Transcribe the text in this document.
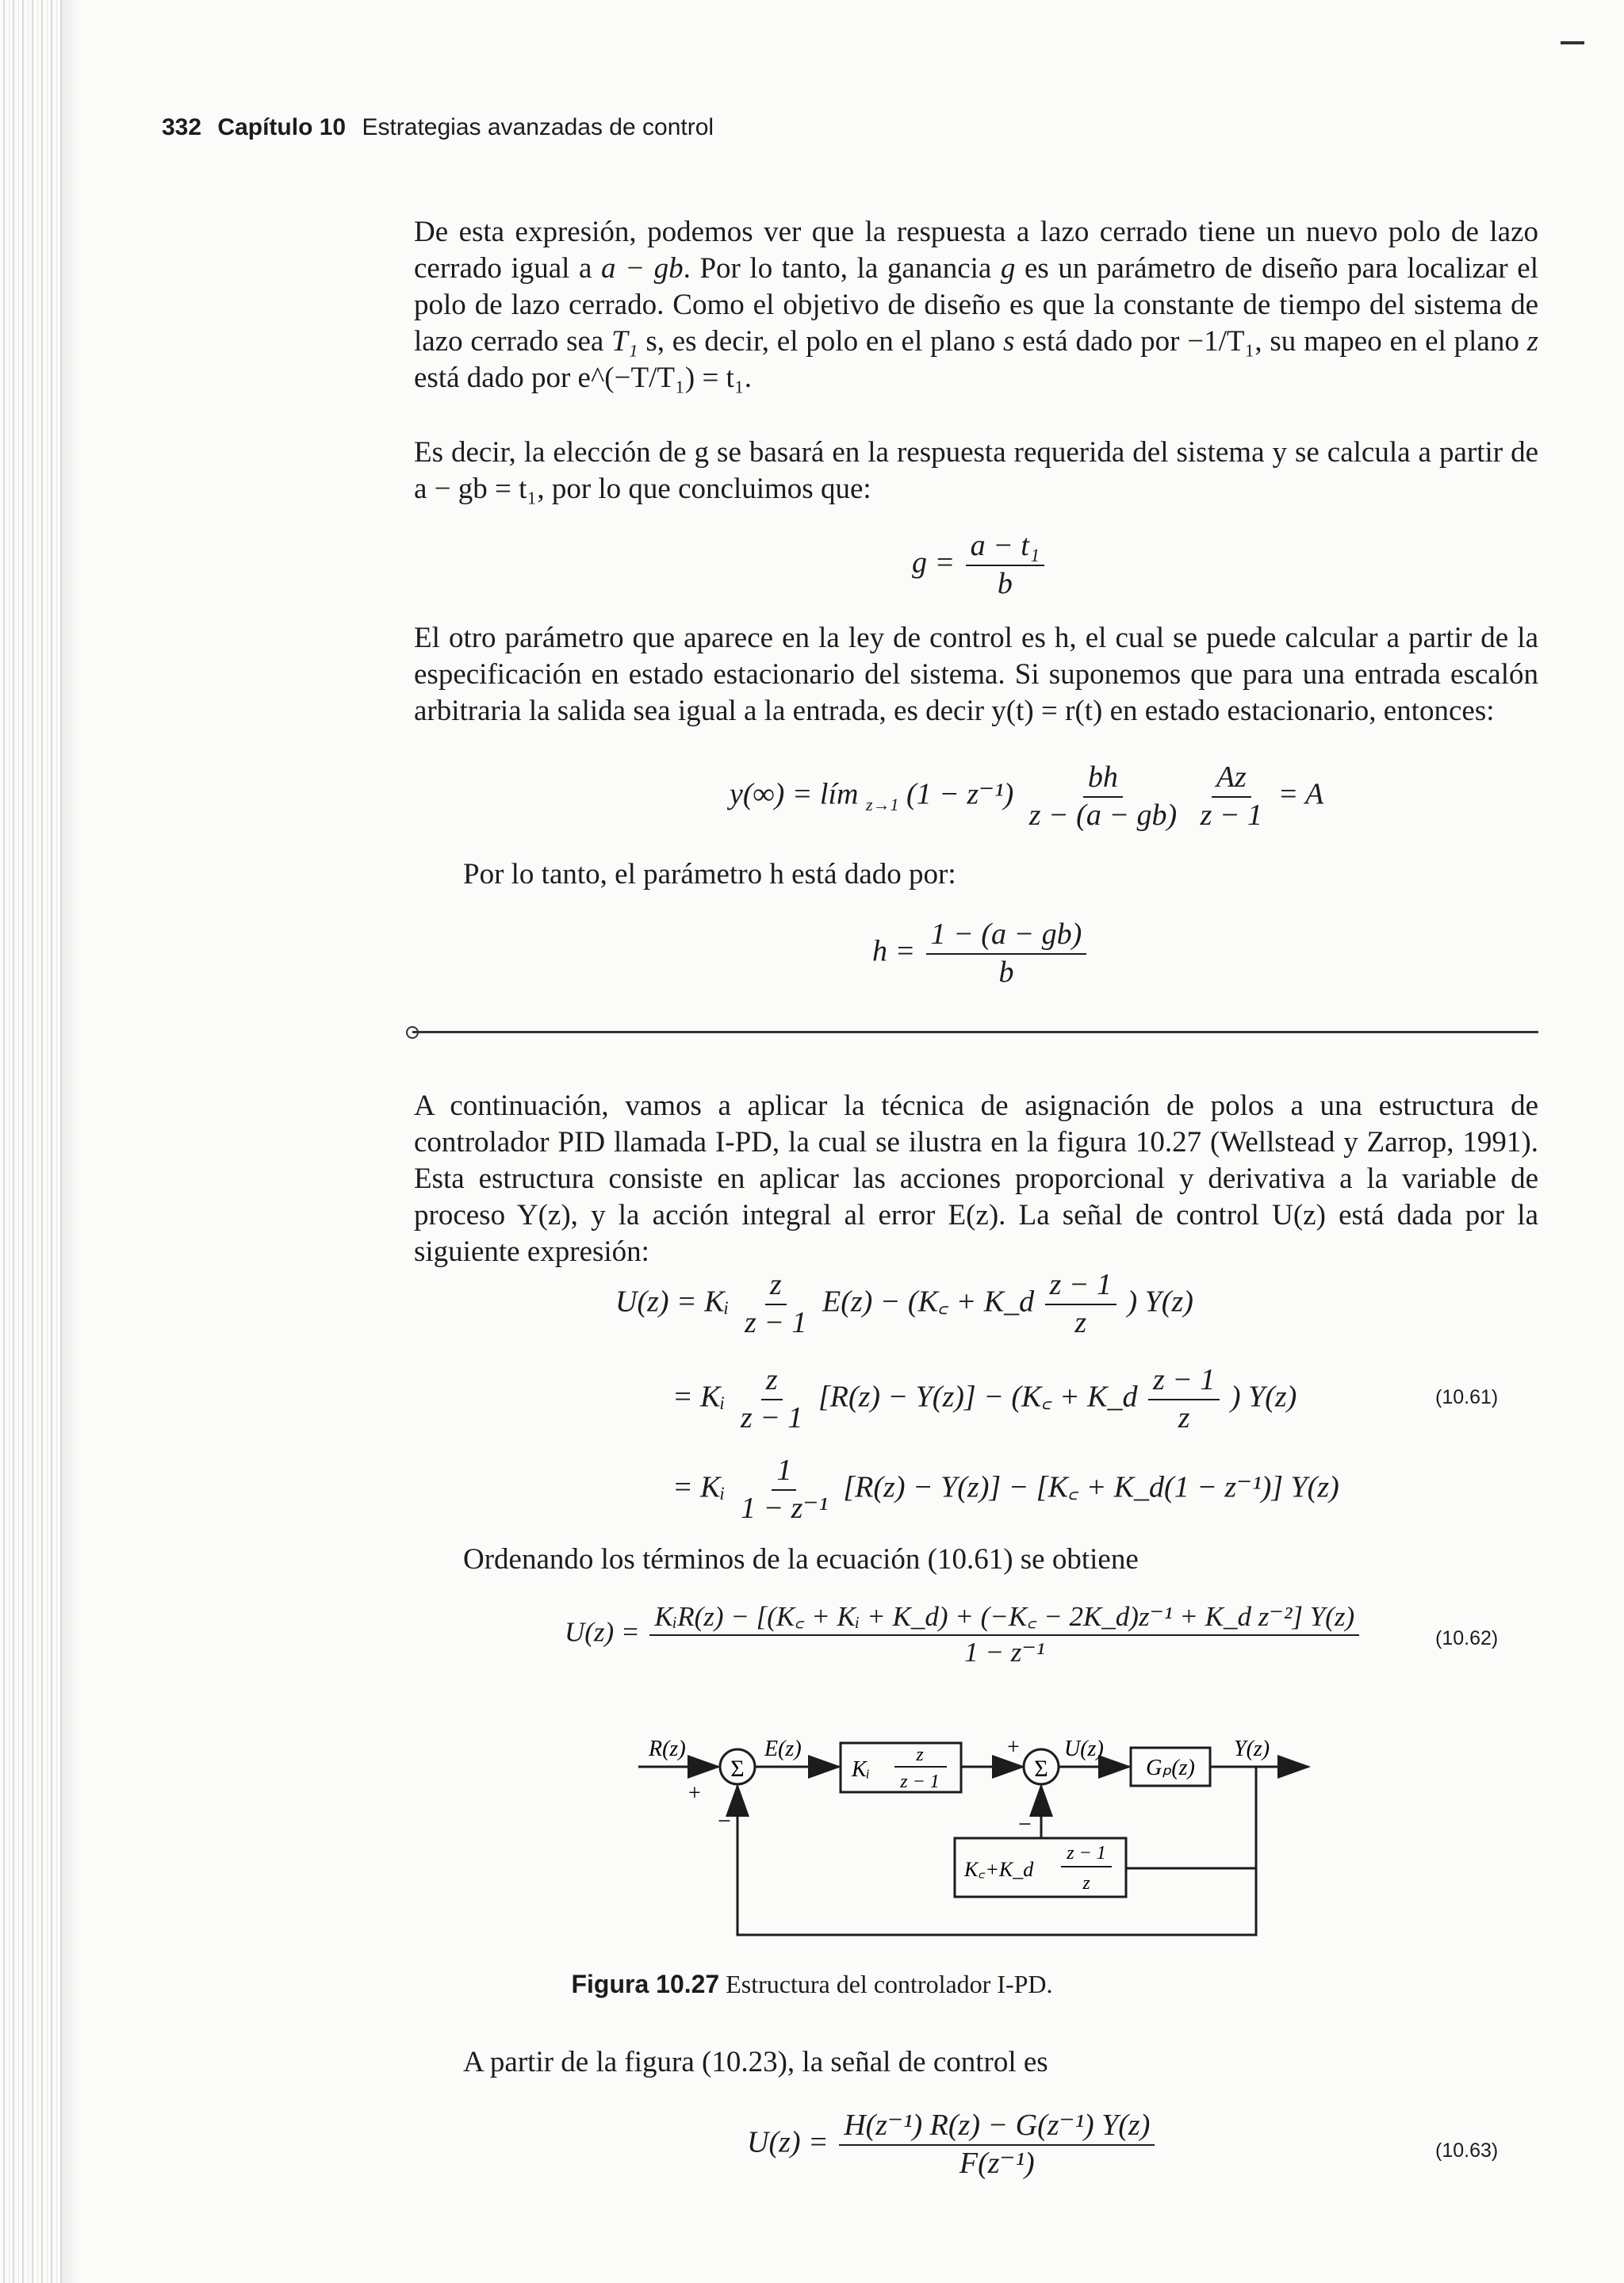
332 Capítulo 10 Estrategias avanzadas de control
De esta expresión, podemos ver que la respuesta a lazo cerrado tiene un nuevo polo de lazo cerrado igual a a − gb. Por lo tanto, la ganancia g es un parámetro de diseño para localizar el polo de lazo cerrado. Como el objetivo de diseño es que la constante de tiempo del sistema de lazo cerrado sea T₁ s, es decir, el polo en el plano s está dado por −1/T₁, su mapeo en el plano z está dado por e^(−T/T₁) = t₁.
Es decir, la elección de g se basará en la respuesta requerida del sistema y se calcula a partir de a − gb = t₁, por lo que concluimos que:
$g = \frac{\text{a − t₁}}{b}$
El otro parámetro que aparece en la ley de control es h, el cual se puede calcular a partir de la especificación en estado estacionario del sistema. Si suponemos que para una entrada escalón arbitraria la salida sea igual a la entrada, es decir y(t) = r(t) en estado estacionario, entonces:
y(∞) = lím $_{z\to 1}$ $(1 - z^{-1}) \frac{bh}{z - (a - gb)}$
$\frac{Az}{z - 1} = A$
Por lo tanto, el parámetro h está dado por:
$h = \frac{1 - (a - gb)}{b}$
A continuación, vamos a aplicar la técnica de asignación de polos a una estructura de controlador PID llamada I-PD, la cual se ilustra en la figura 10.27 (Wellstead y Zarrop, 1991). Esta estructura consiste en aplicar las acciones proporcional y derivativa a la variable de proceso Y(z), y la acción integral al error E(z). La señal de control U(z) está dada por la siguiente expresión:
U(z) = Kᵢ $\frac{z}{z - 1} E(z)$ − (K꜀ + K_d $\frac{z - 1}{z}$ ) Y(z)
= Kᵢ $\frac{z}{z - 1} [R(z) - Y(z)]$ − (K꜀ + K_d $\frac{z - 1}{z}$ ) Y(z)	(10.61)
= Kᵢ $\frac{1}{\text{1 − z⁻¹}} [R(z) - Y(z)]$ − [K꜀ + K_d(1 − z⁻¹)] Y(z)
Ordenando los términos de la ecuación (10.61) se obtiene
$U(z) = \frac{\text{KᵢR(z) − [(K꜀ + Kᵢ + K\_d) + (−K꜀ − 2K\_d)z⁻¹ + K\_d z⁻²] Y(z)}}{\text{1 − z⁻¹}}$	(10.62)
Σ	Σ
R(z)
+
−
E(z)	+
−
U(z)	Y(z)
Kᵢ
z
z − 1
Gₚ(z)
K꜀+K_d
z − 1
z
Figura 10.27 Estructura del controlador I-PD.
A partir de la figura (10.23), la señal de control es
$U(z) = \frac{\text{H(z⁻¹) R(z) − G(z⁻¹) Y(z)}}{\text{F(z⁻¹)}}$	(10.63)
